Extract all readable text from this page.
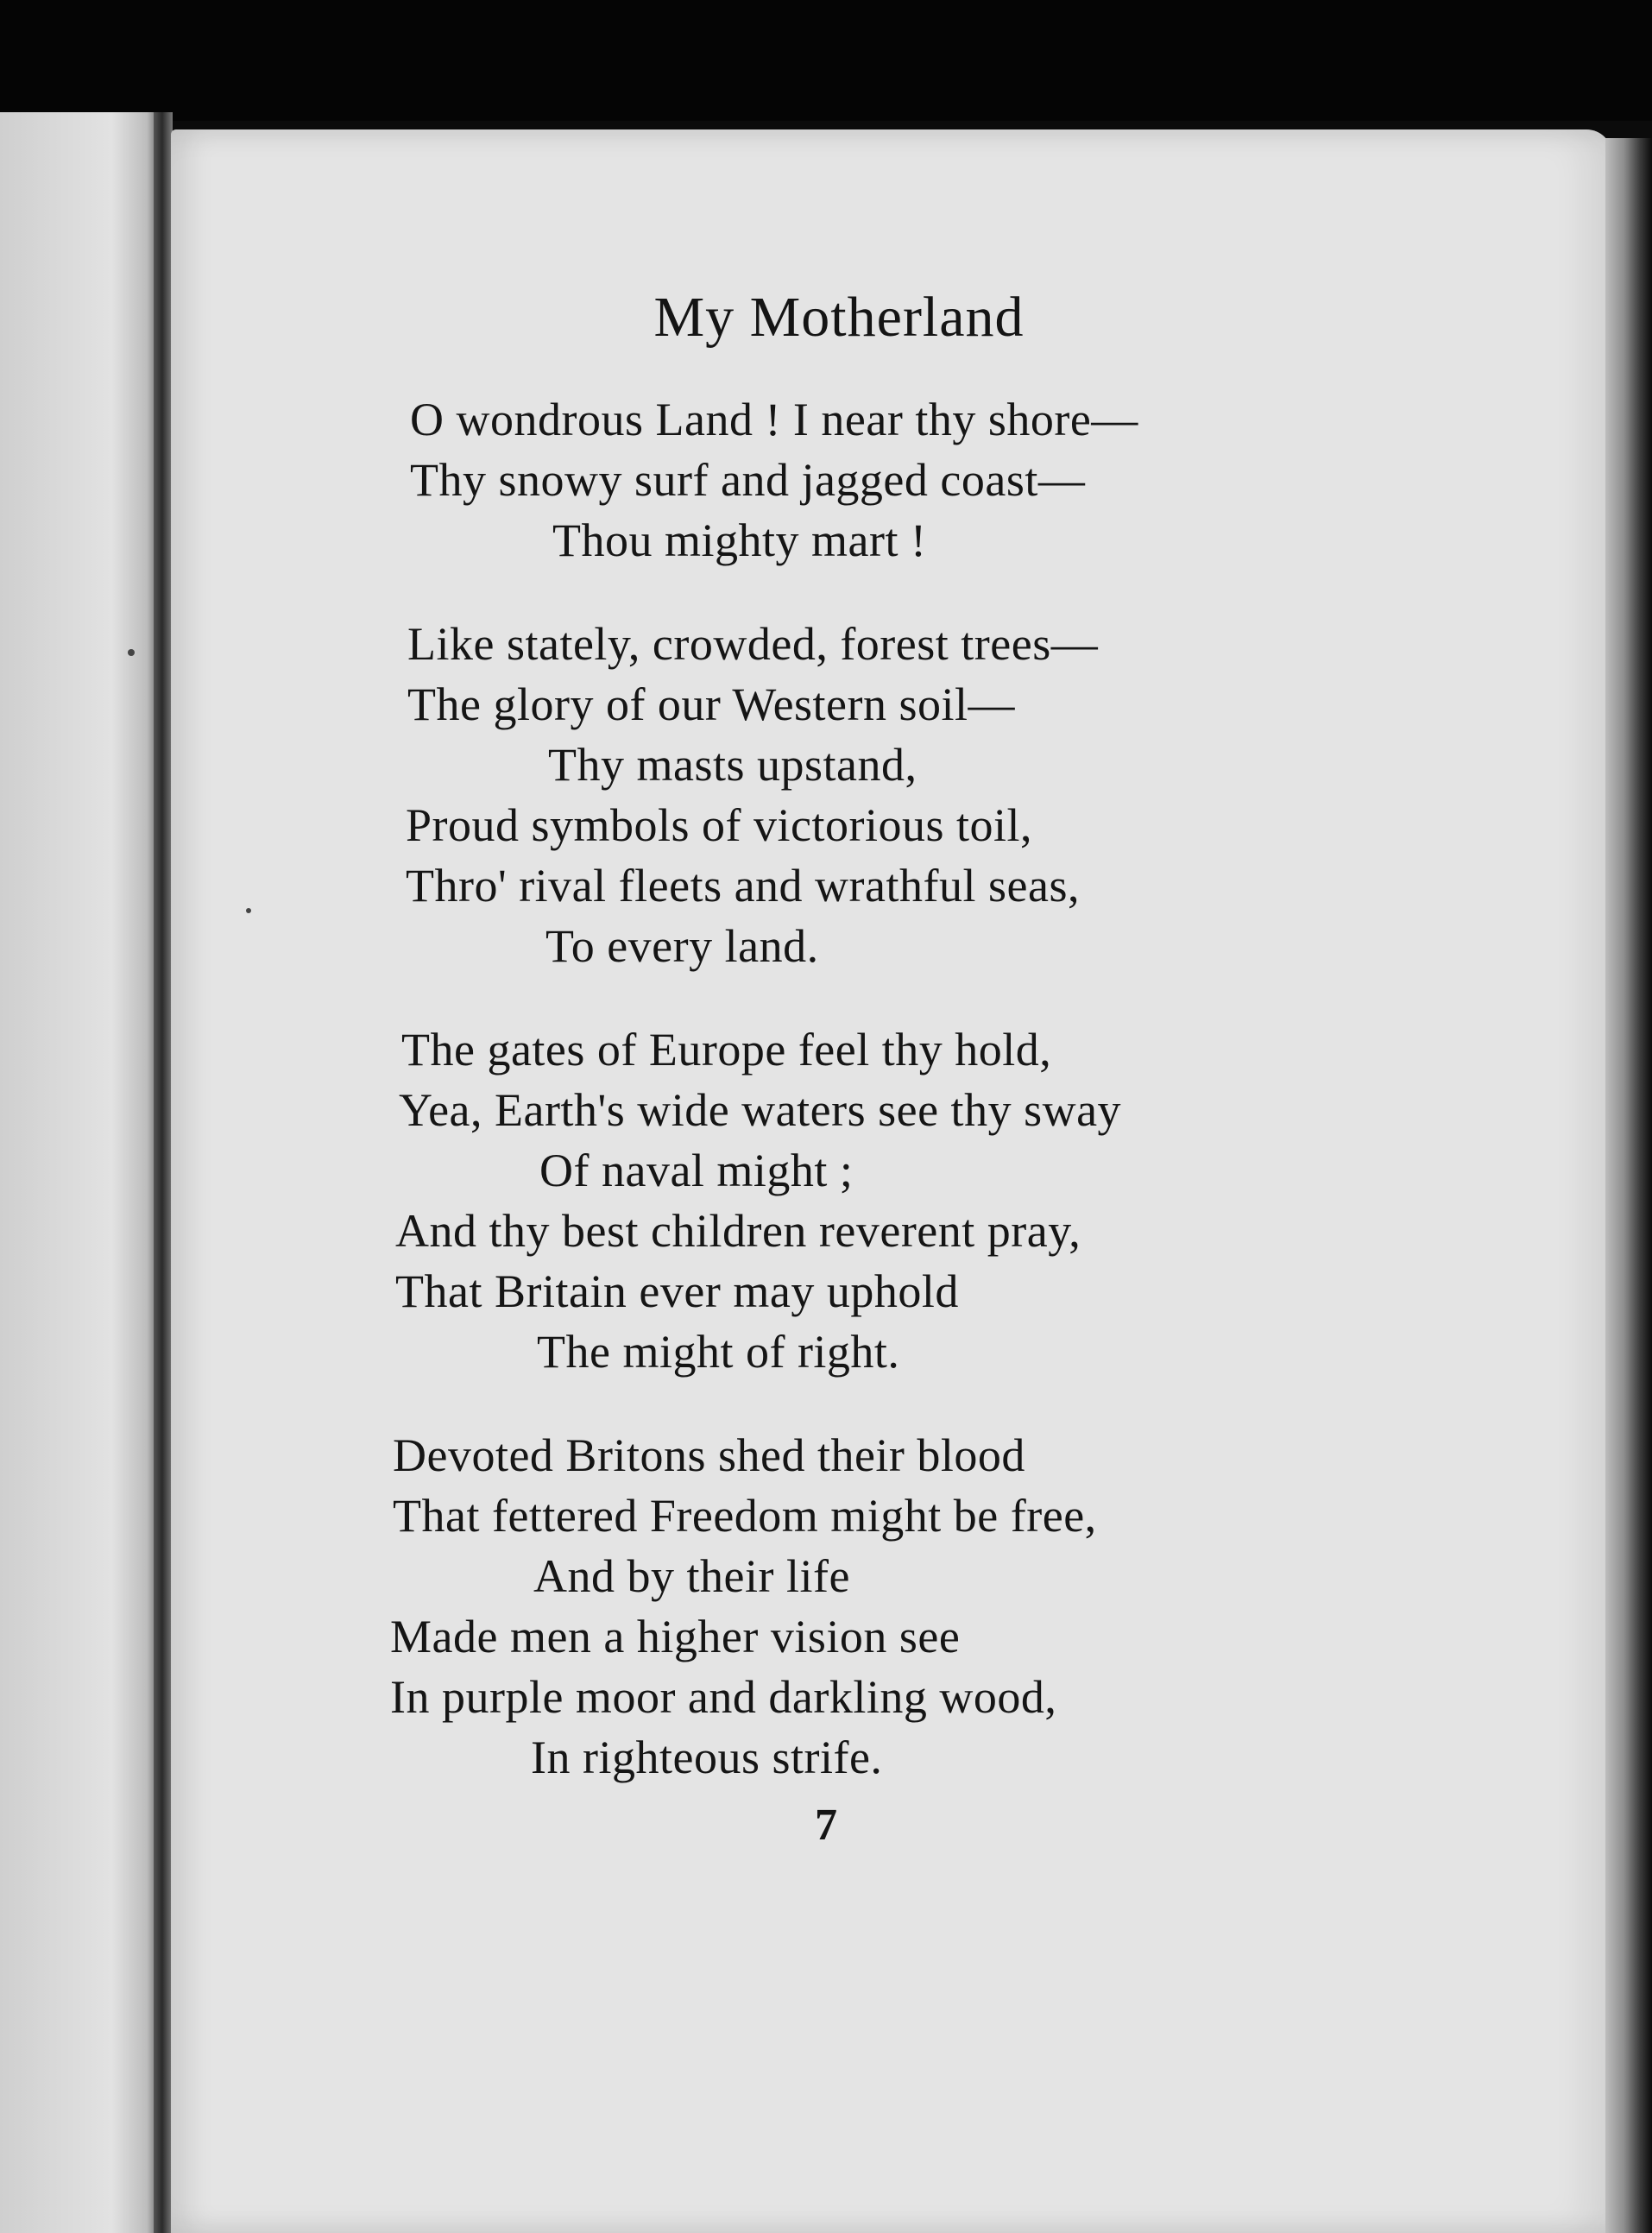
My Motherland
O wondrous Land ! I near thy shore—
Thy snowy surf and jagged coast—
Thou mighty mart !
Like stately, crowded, forest trees—
The glory of our Western soil—
Thy masts upstand,
Proud symbols of victorious toil,
Thro' rival fleets and wrathful seas,
To every land.
The gates of Europe feel thy hold,
Yea, Earth's wide waters see thy sway
Of naval might ;
And thy best children reverent pray,
That Britain ever may uphold
The might of right.
Devoted Britons shed their blood
That fettered Freedom might be free,
And by their life
Made men a higher vision see
In purple moor and darkling wood,
In righteous strife.
7
